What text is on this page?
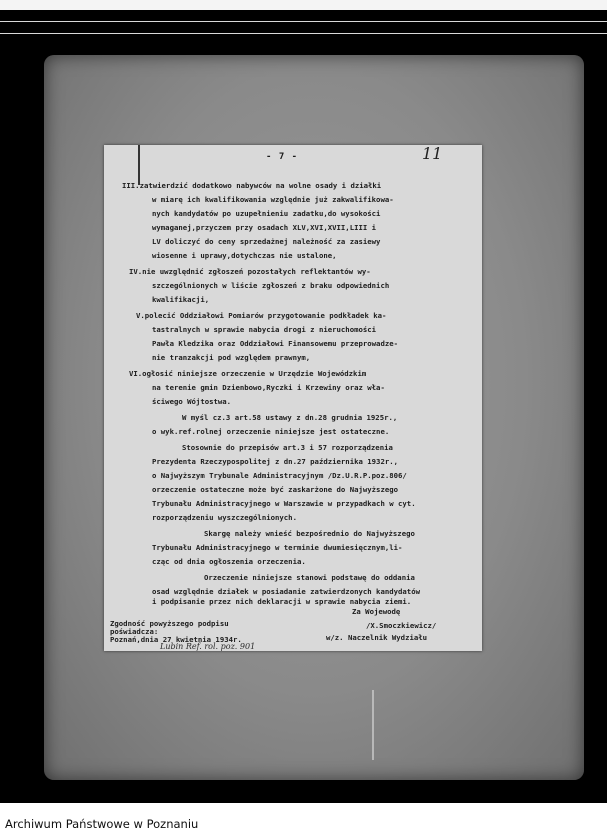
- 7 -	11
III.zatwierdzić dodatkowo nabywców na wolne osady i działki
w miarę ich kwalifikowania względnie już zakwalifikowa-
nych kandydatów po uzupełnieniu zadatku,do wysokości
wymaganej,przyczem przy osadach XLV,XVI,XVII,LIII i
LV doliczyć do ceny sprzedażnej należność za zasiewy
wiosenne i uprawy,dotychczas nie ustalone,
IV.nie uwzględnić zgłoszeń pozostałych reflektantów wy-
szczególnionych w liście zgłoszeń z braku odpowiednich
kwalifikacji,
V.polecić Oddziałowi Pomiarów przygotowanie podkładek ka-
tastralnych w sprawie nabycia drogi z nieruchomości
Pawła Kledzika oraz Oddziałowi Finansowemu przeprowadze-
nie tranzakcji pod względem prawnym,
VI.ogłosić niniejsze orzeczenie w Urzędzie Wojewódzkim
na terenie gmin Dzienbowo,Ryczki i Krzewiny oraz wła-
ściwego Wójtostwa.
W myśl cz.3 art.58 ustawy z dn.28 grudnia 1925r.,
o wyk.ref.rolnej orzeczenie niniejsze jest ostateczne.
Stosownie do przepisów art.3 i 57 rozporządzenia
Prezydenta Rzeczypospolitej z dn.27 października 1932r.,
o Najwyższym Trybunale Administracyjnym /Dz.U.R.P.poz.806/
orzeczenie ostateczne może być zaskarżone do Najwyższego
Trybunału Administracyjnego w Warszawie w przypadkach w cyt.
rozporządzeniu wyszczególnionych.
Skargę należy wnieść bezpośrednio do Najwyższego
Trybunału Administracyjnego w terminie dwumiesięcznym,li-
cząc od dnia ogłoszenia orzeczenia.
Orzeczenie niniejsze stanowi podstawę do oddania
osad względnie działek w posiadanie zatwierdzonych kandydatów
i podpisanie przez nich deklaracji w sprawie nabycia ziemi.
Za Wojewodę
/X.Smoczkiewicz/
Zgodność powyższego podpisu
poświadcza:
w/z. Naczelnik Wydziału
Poznań,dnia 27 kwietnia 1934r.
Lubin Ref. rol. poz. 901
Archiwum Państwowe w Poznaniu
